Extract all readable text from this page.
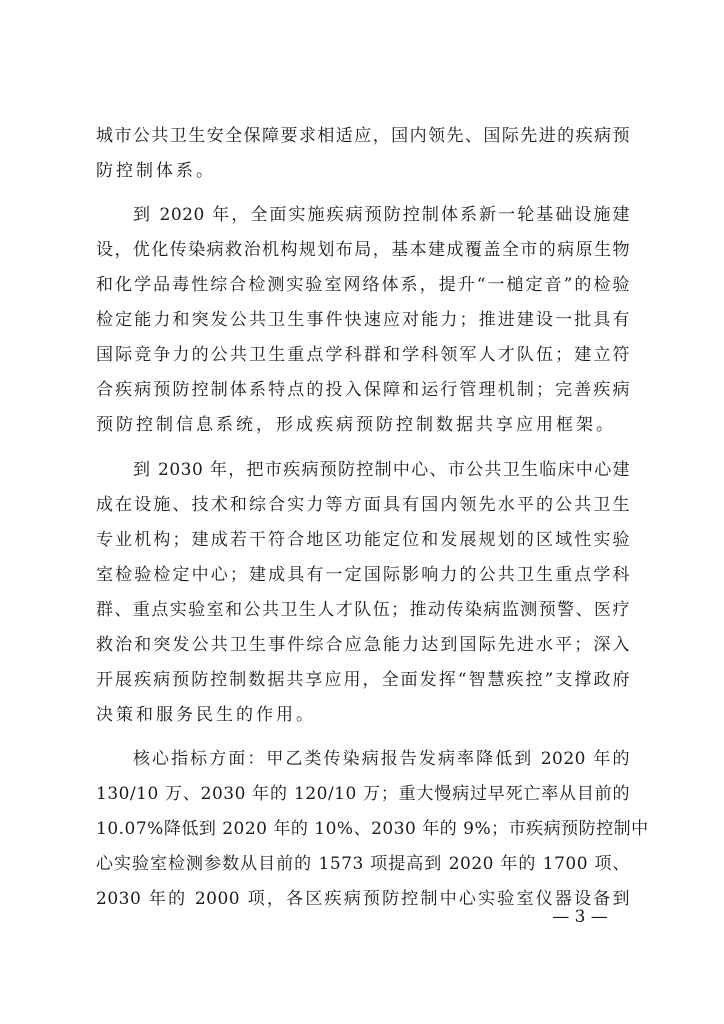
城市公共卫生安全保障要求相适应，国内领先、国际先进的疾病预

防控制体系。

到 2020 年，全面实施疾病预防控制体系新一轮基础设施建

设，优化传染病救治机构规划布局，基本建成覆盖全市的病原生物

和化学品毒性综合检测实验室网络体系，提升“一槌定音”的检验

检定能力和突发公共卫生事件快速应对能力；推进建设一批具有

国际竞争力的公共卫生重点学科群和学科领军人才队伍；建立符

合疾病预防控制体系特点的投入保障和运行管理机制；完善疾病

预防控制信息系统，形成疾病预防控制数据共享应用框架。

到 2030 年，把市疾病预防控制中心、市公共卫生临床中心建

成在设施、技术和综合实力等方面具有国内领先水平的公共卫生

专业机构；建成若干符合地区功能定位和发展规划的区域性实验

室检验检定中心；建成具有一定国际影响力的公共卫生重点学科

群、重点实验室和公共卫生人才队伍；推动传染病监测预警、医疗

救治和突发公共卫生事件综合应急能力达到国际先进水平；深入

开展疾病预防控制数据共享应用，全面发挥“智慧疾控”支撑政府

决策和服务民生的作用。

核心指标方面：甲乙类传染病报告发病率降低到 2020 年的

130/10 万、2030 年的 120/10 万；重大慢病过早死亡率从目前的

10.07%降低到 2020 年的 10%、2030 年的 9%；市疾病预防控制中

心实验室检测参数从目前的 1573 项提高到 2020 年的 1700 项、

2030 年的 2000 项，各区疾病预防控制中心实验室仪器设备到

— 3 —
